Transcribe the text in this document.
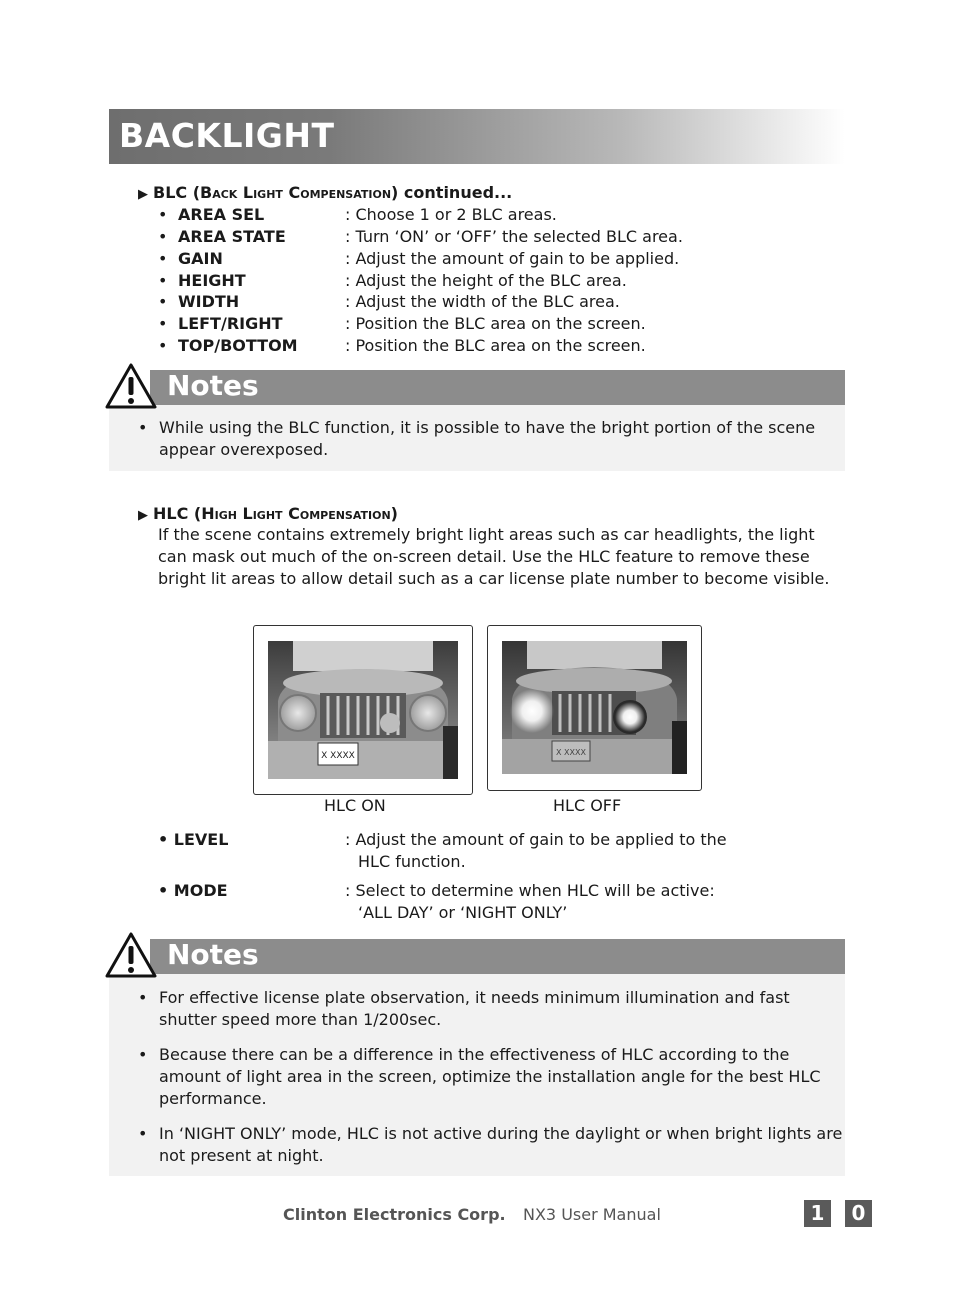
BACKLIGHT
▶ BLC (Back Light Compensation) continued...
• AREA SEL	: Choose 1 or 2 BLC areas.
• AREA STATE	: Turn ‘ON’ or ‘OFF’ the selected BLC area.
• GAIN	: Adjust the amount of gain to be applied.
• HEIGHT	: Adjust the height of the BLC area.
• WIDTH	: Adjust the width of the BLC area.
• LEFT/RIGHT	: Position the BLC area on the screen.
• TOP/BOTTOM	: Position the BLC area on the screen.
Notes
• While using the BLC function, it is possible to have the bright portion of the scene appear overexposed.
▶ HLC (High Light Compensation)
If the scene contains extremely bright light areas such as car headlights, the light can mask out much of the on-screen detail. Use the HLC feature to remove these bright lit areas to allow detail such as a car license plate number to become visible.
X XXXX	X XXXX
HLC ON	HLC OFF
• LEVEL	: Adjust the amount of gain to be applied to the
HLC function.
• MODE	: Select to determine when HLC will be active:
‘ALL DAY’ or ‘NIGHT ONLY’
Notes
• For effective license plate observation, it needs minimum illumination and fast shutter speed more than 1/200sec.
• Because there can be a difference in the effectiveness of HLC according to the amount of light area in the screen, optimize the installation angle for the best HLC performance.
• In ‘NIGHT ONLY’ mode, HLC is not active during the daylight or when bright lights are not present at night.
Clinton Electronics Corp. NX3 User Manual	1	0
